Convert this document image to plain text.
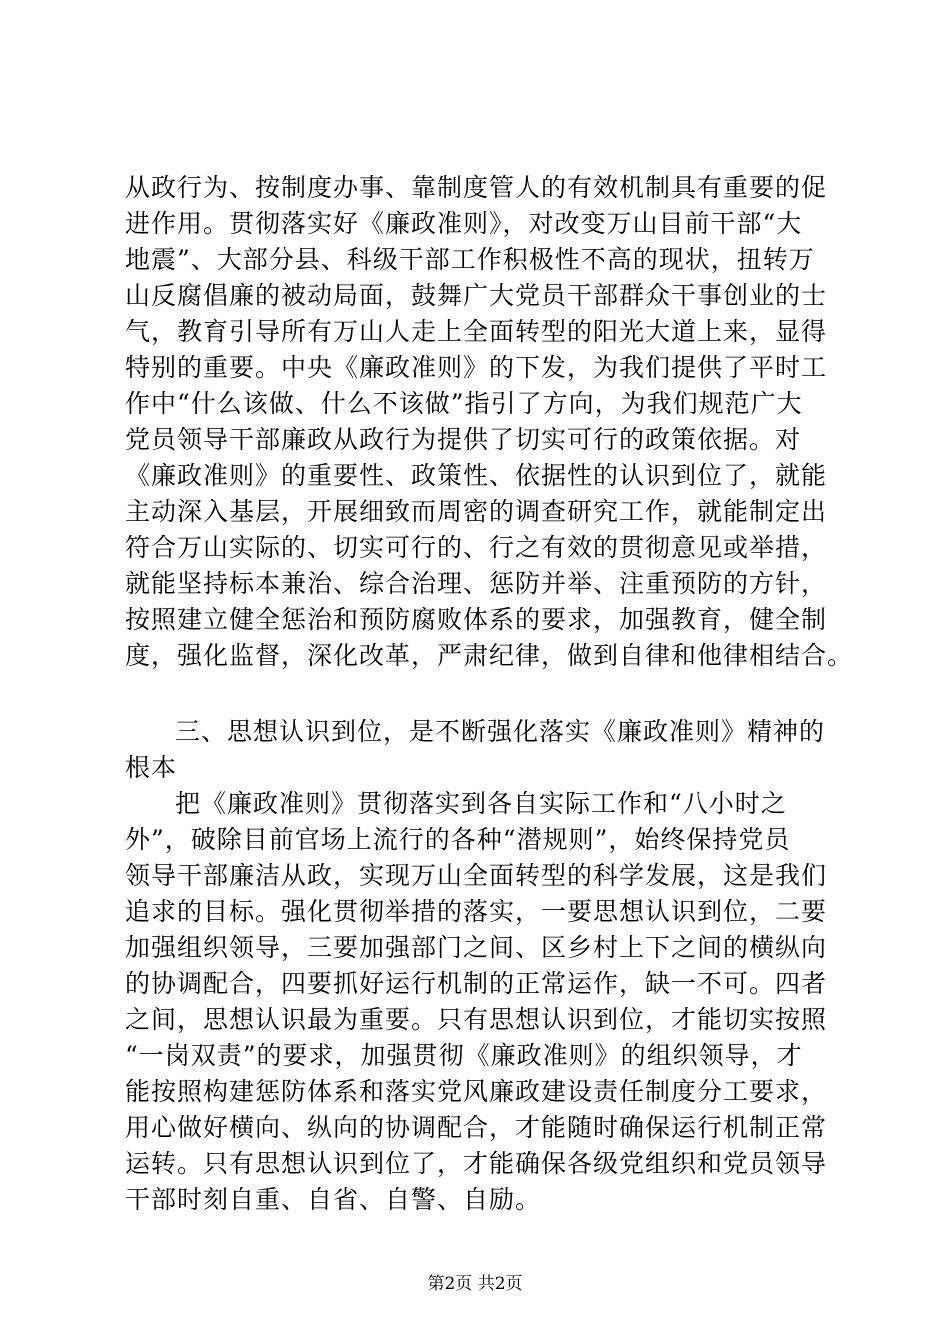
从政行为、按制度办事、靠制度管人的有效机制具有重要的促
进作用。贯彻落实好《廉政准则》，对改变万山目前干部“大
地震”、大部分县、科级干部工作积极性不高的现状，扭转万
山反腐倡廉的被动局面，鼓舞广大党员干部群众干事创业的士
气，教育引导所有万山人走上全面转型的阳光大道上来，显得
特别的重要。中央《廉政准则》的下发，为我们提供了平时工
作中“什么该做、什么不该做”指引了方向，为我们规范广大
党员领导干部廉政从政行为提供了切实可行的政策依据。对
《廉政准则》的重要性、政策性、依据性的认识到位了，就能
主动深入基层，开展细致而周密的调查研究工作，就能制定出
符合万山实际的、切实可行的、行之有效的贯彻意见或举措，
就能坚持标本兼治、综合治理、惩防并举、注重预防的方针，
按照建立健全惩治和预防腐败体系的要求，加强教育，健全制
度，强化监督，深化改革，严肃纪律，做到自律和他律相结合。
三、思想认识到位，是不断强化落实《廉政准则》精神的
根本
把《廉政准则》贯彻落实到各自实际工作和“八小时之
外”，破除目前官场上流行的各种“潜规则”，始终保持党员
领导干部廉洁从政，实现万山全面转型的科学发展，这是我们
追求的目标。强化贯彻举措的落实，一要思想认识到位，二要
加强组织领导，三要加强部门之间、区乡村上下之间的横纵向
的协调配合，四要抓好运行机制的正常运作，缺一不可。四者
之间，思想认识最为重要。只有思想认识到位，才能切实按照
“一岗双责”的要求，加强贯彻《廉政准则》的组织领导，才
能按照构建惩防体系和落实党风廉政建设责任制度分工要求，
用心做好横向、纵向的协调配合，才能随时确保运行机制正常
运转。只有思想认识到位了，才能确保各级党组织和党员领导
干部时刻自重、自省、自警、自励。
第2页 共2页
